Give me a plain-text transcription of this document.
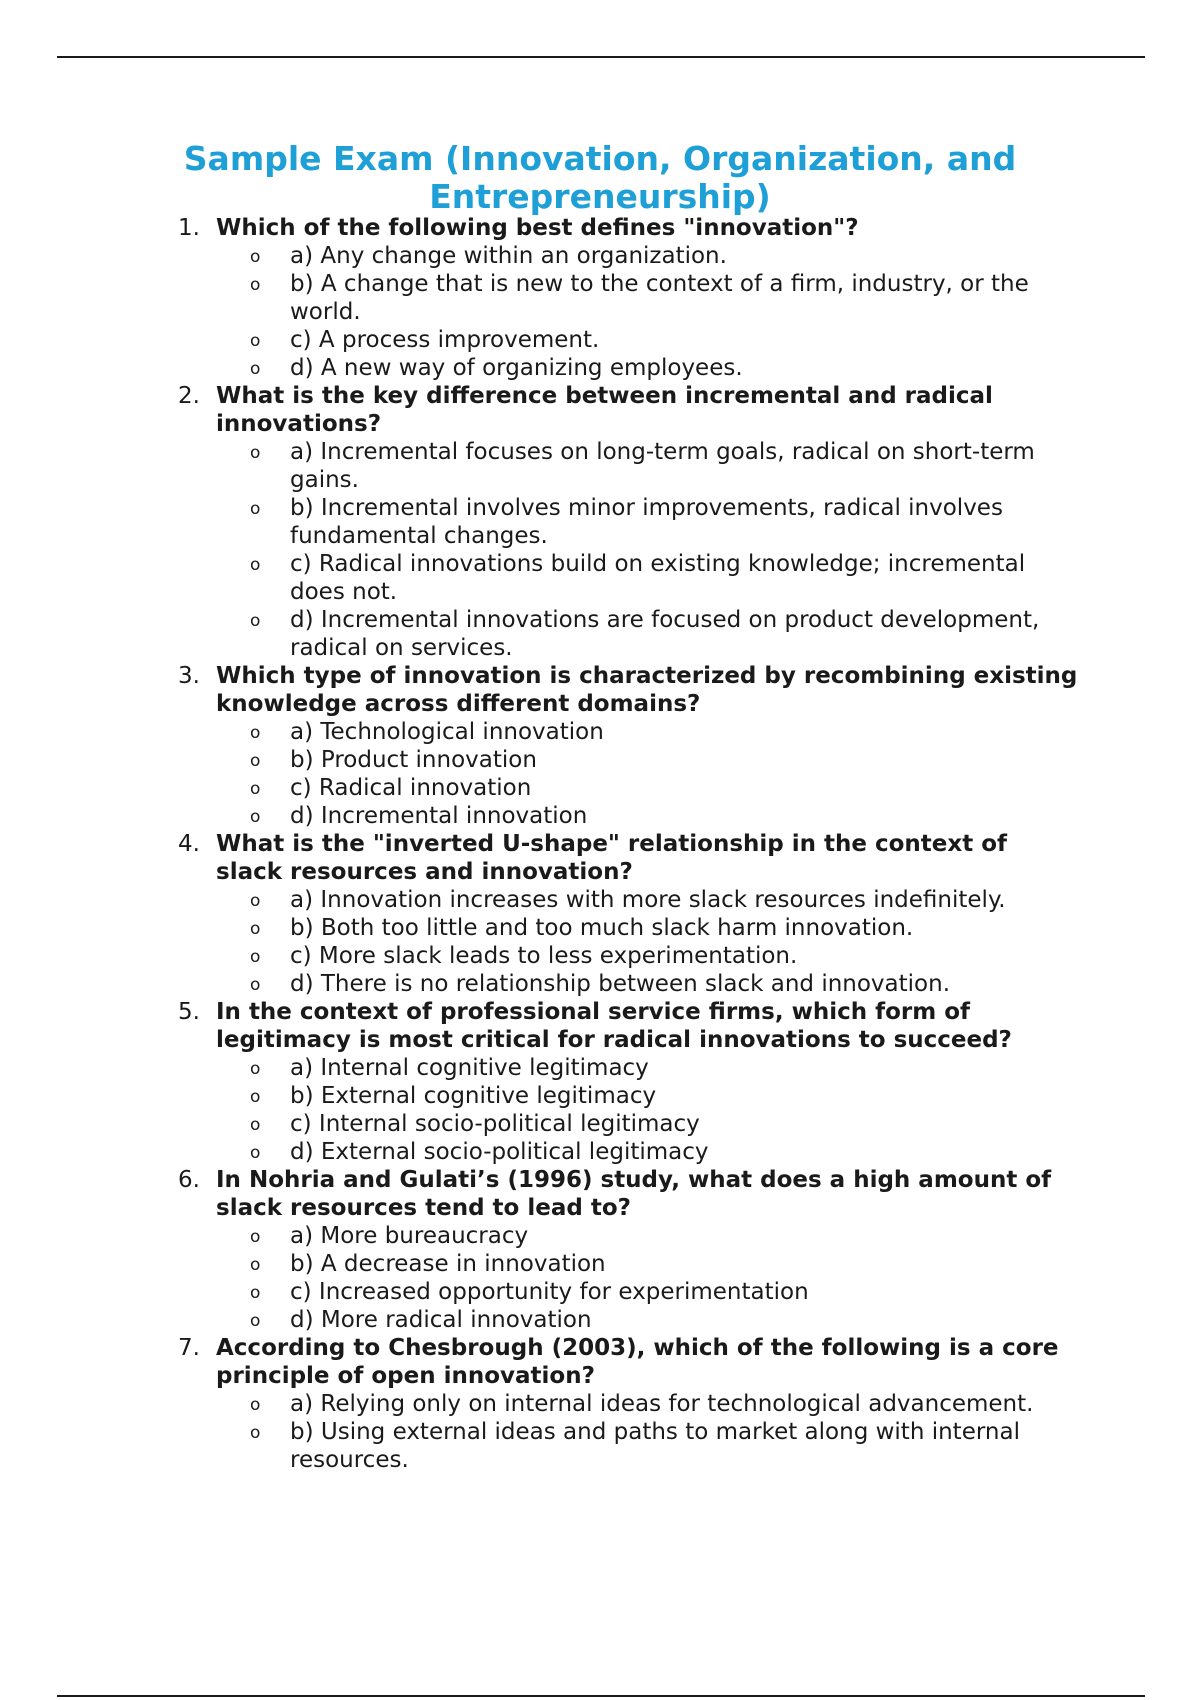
Sample Exam (Innovation, Organization, and Entrepreneurship)
1. Which of the following best defines "innovation"?
o	a) Any change within an organization.
o	b) A change that is new to the context of a firm, industry, or the world.
o	c) A process improvement.
o	d) A new way of organizing employees.
2. What is the key difference between incremental and radical innovations?
o	a) Incremental focuses on long-term goals, radical on short-term gains.
o	b) Incremental involves minor improvements, radical involves fundamental changes.
o	c) Radical innovations build on existing knowledge; incremental does not.
o	d) Incremental innovations are focused on product development, radical on services.
3. Which type of innovation is characterized by recombining existing knowledge across different domains?
o	a) Technological innovation
o	b) Product innovation
o	c) Radical innovation
o	d) Incremental innovation
4. What is the "inverted U-shape" relationship in the context of slack resources and innovation?
o	a) Innovation increases with more slack resources indefinitely.
o	b) Both too little and too much slack harm innovation.
o	c) More slack leads to less experimentation.
o	d) There is no relationship between slack and innovation.
5. In the context of professional service firms, which form of legitimacy is most critical for radical innovations to succeed?
o	a) Internal cognitive legitimacy
o	b) External cognitive legitimacy
o	c) Internal socio-political legitimacy
o	d) External socio-political legitimacy
6. In Nohria and Gulati’s (1996) study, what does a high amount of slack resources tend to lead to?
o	a) More bureaucracy
o	b) A decrease in innovation
o	c) Increased opportunity for experimentation
o	d) More radical innovation
7. According to Chesbrough (2003), which of the following is a core principle of open innovation?
o	a) Relying only on internal ideas for technological advancement.
o	b) Using external ideas and paths to market along with internal resources.
